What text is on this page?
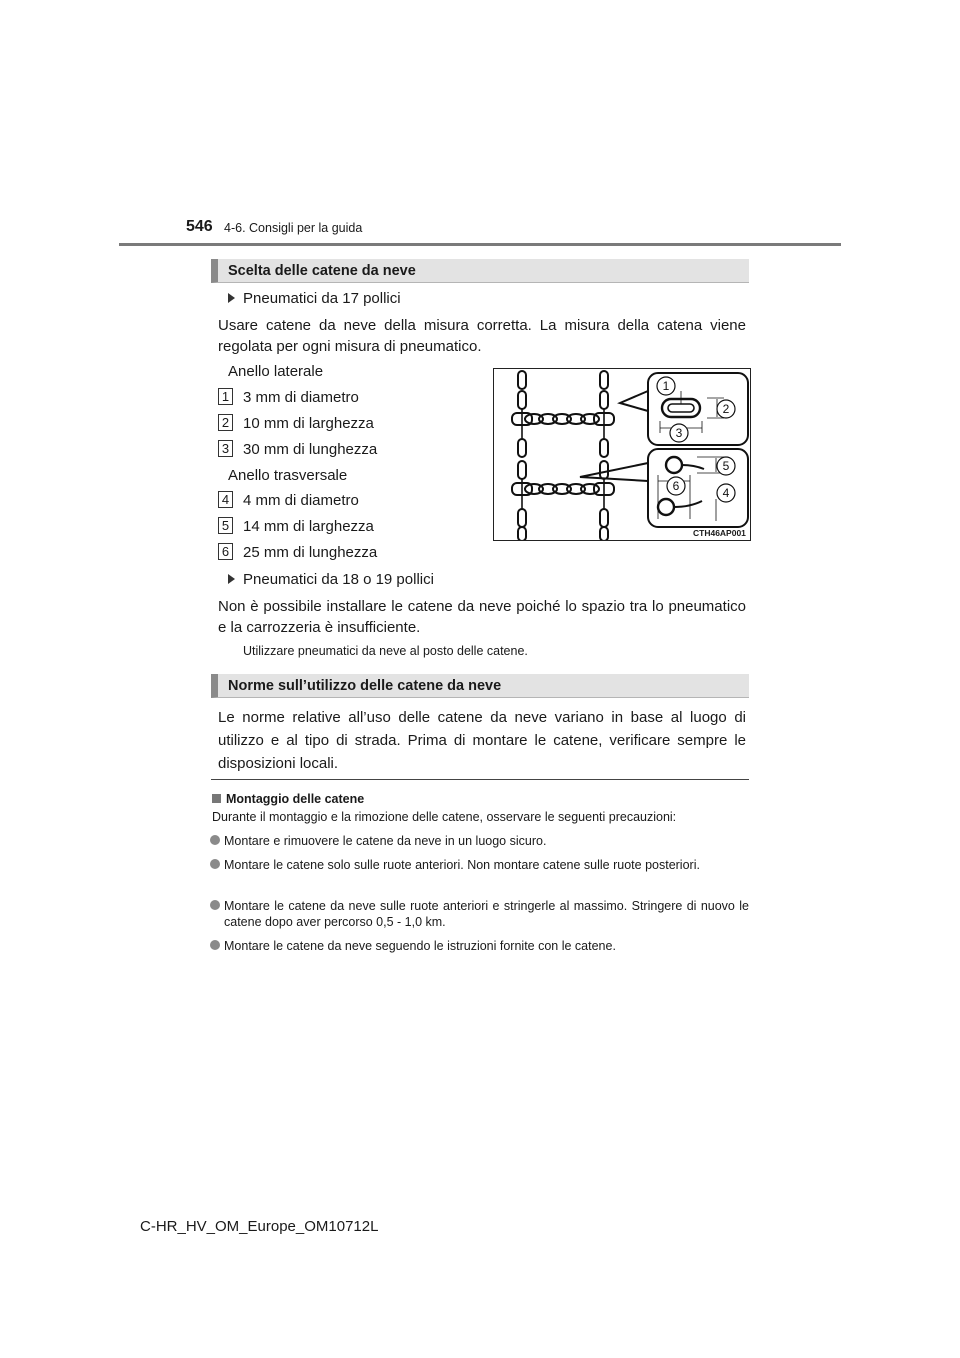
546 4-6. Consigli per la guida
Scelta delle catene da neve
Pneumatici da 17 pollici
Usare catene da neve della misura corretta. La misura della catena viene regolata per ogni misura di pneumatico.
Anello laterale
1 3 mm di diametro
2 10 mm di larghezza
3 30 mm di lunghezza
Anello trasversale
4 4 mm di diametro
5 14 mm di larghezza
6 25 mm di lunghezza
1
2
3
4
5
6
CTH46AP001
Pneumatici da 18 o 19 pollici
Non è possibile installare le catene da neve poiché lo spazio tra lo pneumatico e la carrozzeria è insufficiente.
Utilizzare pneumatici da neve al posto delle catene.
Norme sull’utilizzo delle catene da neve
Le norme relative all’uso delle catene da neve variano in base al luogo di utilizzo e al tipo di strada. Prima di montare le catene, verificare sempre le disposizioni locali.
Montaggio delle catene
Durante il montaggio e la rimozione delle catene, osservare le seguenti precauzioni:
Montare e rimuovere le catene da neve in un luogo sicuro.
Montare le catene solo sulle ruote anteriori. Non montare catene sulle ruote posteriori.
Montare le catene da neve sulle ruote anteriori e stringerle al massimo. Stringere di nuovo le catene dopo aver percorso 0,5 - 1,0 km.
Montare le catene da neve seguendo le istruzioni fornite con le catene.
C-HR_HV_OM_Europe_OM10712L
